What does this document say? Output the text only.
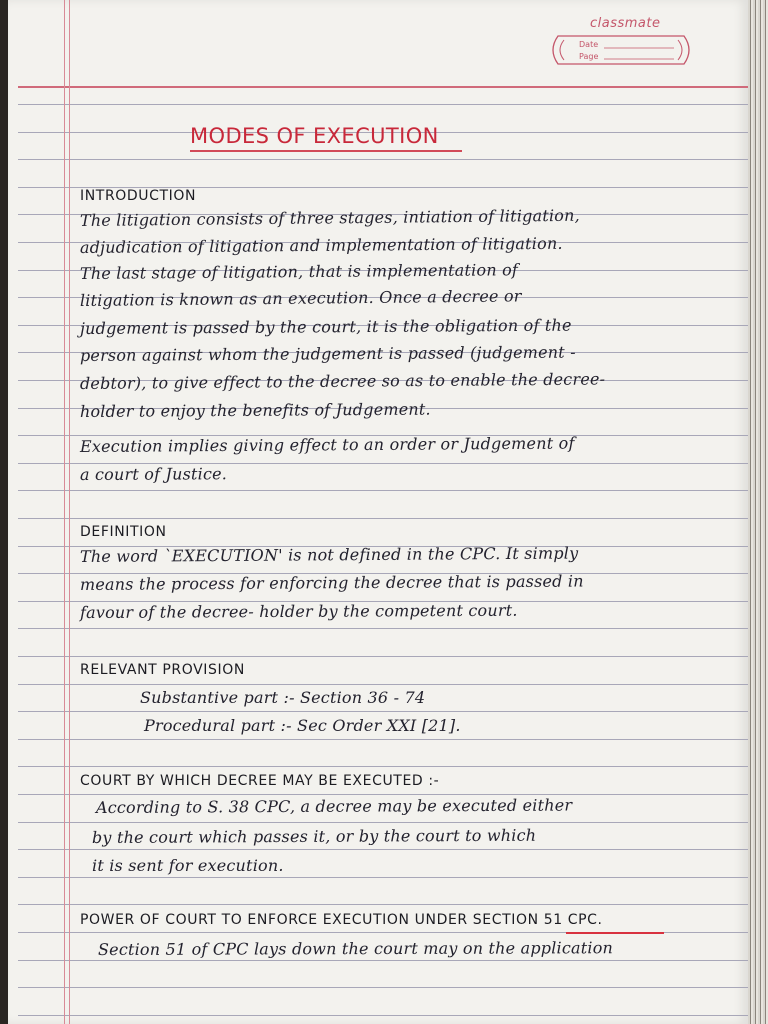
classmate
Date
Page
MODES OF EXECUTION
INTRODUCTION
The litigation consists of three stages, intiation of litigation,
adjudication of litigation and implementation of litigation.
The last stage of litigation, that is implementation of
litigation is known as an execution. Once a decree or
judgement is passed by the court, it is the obligation of the
person against whom the judgement is passed (judgement -
debtor), to give effect to the decree so as to enable the decree-
holder to enjoy the benefits of Judgement.
Execution implies giving effect to an order or Judgement of
a court of Justice.
DEFINITION
The word `EXECUTION' is not defined in the CPC. It simply
means the process for enforcing the decree that is passed in
favour of the decree- holder by the competent court.
RELEVANT PROVISION
Substantive part :- Section 36 - 74
Procedural part :- Sec Order XXI [21].
COURT BY WHICH DECREE MAY BE EXECUTED :-
According to S. 38 CPC, a decree may be executed either
by the court which passes it, or by the court to which
it is sent for execution.
POWER OF COURT TO ENFORCE EXECUTION UNDER SECTION 51 CPC.
Section 51 of CPC lays down the court may on the application
